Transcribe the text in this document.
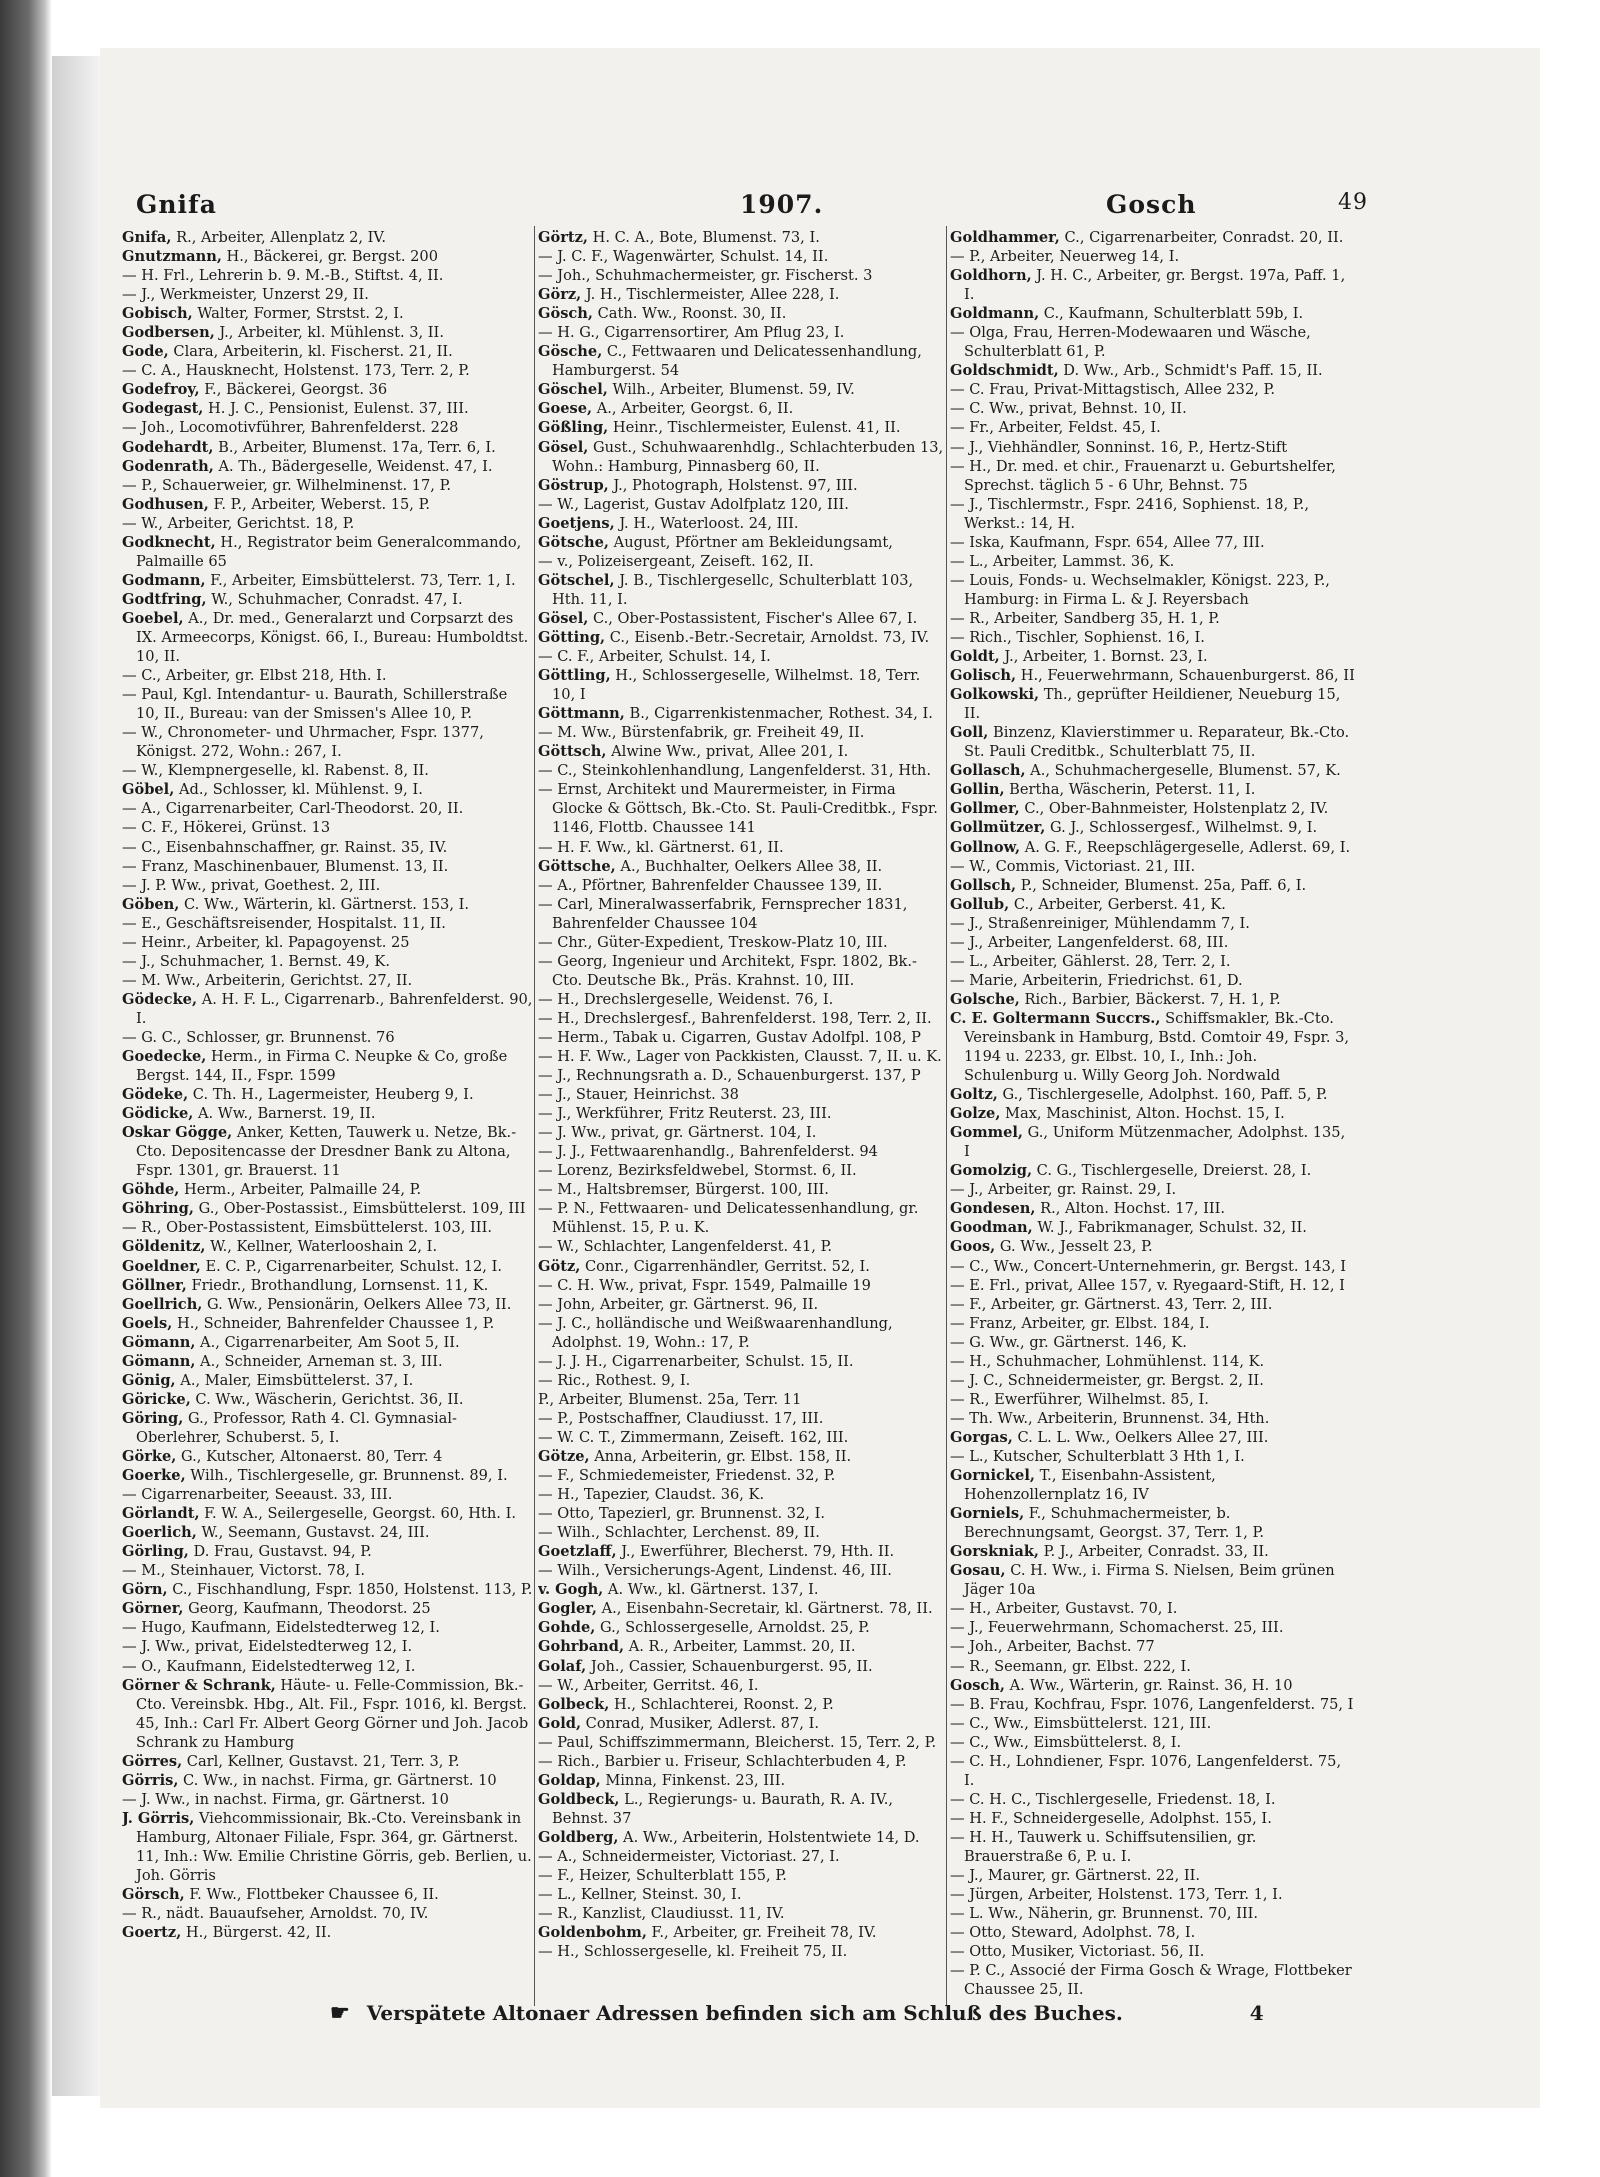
Gnifa	1907.	Gosch	49
Gnifa, R., Arbeiter, Allenplatz 2, IV.
Gnutzmann, H., Bäckerei, gr. Bergst. 200
— H. Frl., Lehrerin b. 9. M.-B., Stiftst. 4, II.
— J., Werkmeister, Unzerst 29, II.
Gobisch, Walter, Former, Strstst. 2, I.
Godbersen, J., Arbeiter, kl. Mühlenst. 3, II.
Gode, Clara, Arbeiterin, kl. Fischerst. 21, II.
— C. A., Hausknecht, Holstenst. 173, Terr. 2, P.
Godefroy, F., Bäckerei, Georgst. 36
Godegast, H. J. C., Pensionist, Eulenst. 37, III.
— Joh., Locomotivführer, Bahrenfelderst. 228
Godehardt, B., Arbeiter, Blumenst. 17a, Terr. 6, I.
Godenrath, A. Th., Bädergeselle, Weidenst. 47, I.
— P., Schauerweier, gr. Wilhelminenst. 17, P.
Godhusen, F. P., Arbeiter, Weberst. 15, P.
— W., Arbeiter, Gerichtst. 18, P.
Godknecht, H., Registrator beim Generalcommando, Palmaille 65
Godmann, F., Arbeiter, Eimsbüttelerst. 73, Terr. 1, I.
Godtfring, W., Schuhmacher, Conradst. 47, I.
Goebel, A., Dr. med., Generalarzt und Corpsarzt des IX. Armeecorps, Königst. 66, I., Bureau: Humboldtst. 10, II.
— C., Arbeiter, gr. Elbst 218, Hth. I.
— Paul, Kgl. Intendantur- u. Baurath, Schillerstraße 10, II., Bureau: van der Smissen's Allee 10, P.
— W., Chronometer- und Uhrmacher, Fspr. 1377, Königst. 272, Wohn.: 267, I.
— W., Klempnergeselle, kl. Rabenst. 8, II.
Göbel, Ad., Schlosser, kl. Mühlenst. 9, I.
— A., Cigarrenarbeiter, Carl-Theodorst. 20, II.
— C. F., Hökerei, Grünst. 13
— C., Eisenbahnschaffner, gr. Rainst. 35, IV.
— Franz, Maschinenbauer, Blumenst. 13, II.
— J. P. Ww., privat, Goethest. 2, III.
Göben, C. Ww., Wärterin, kl. Gärtnerst. 153, I.
— E., Geschäftsreisender, Hospitalst. 11, II.
— Heinr., Arbeiter, kl. Papagoyenst. 25
— J., Schuhmacher, 1. Bernst. 49, K.
— M. Ww., Arbeiterin, Gerichtst. 27, II.
Gödecke, A. H. F. L., Cigarrenarb., Bahrenfelderst. 90, I.
— G. C., Schlosser, gr. Brunnenst. 76
Goedecke, Herm., in Firma C. Neupke & Co, große Bergst. 144, II., Fspr. 1599
Gödeke, C. Th. H., Lagermeister, Heuberg 9, I.
Gödicke, A. Ww., Barnerst. 19, II.
Oskar Gögge, Anker, Ketten, Tauwerk u. Netze, Bk.-Cto. Depositencasse der Dresdner Bank zu Altona, Fspr. 1301, gr. Brauerst. 11
Göhde, Herm., Arbeiter, Palmaille 24, P.
Göhring, G., Ober-Postassist., Eimsbüttelerst. 109, III
— R., Ober-Postassistent, Eimsbüttelerst. 103, III.
Göldenitz, W., Kellner, Waterlooshain 2, I.
Goeldner, E. C. P., Cigarrenarbeiter, Schulst. 12, I.
Göllner, Friedr., Brothandlung, Lornsenst. 11, K.
Goellrich, G. Ww., Pensionärin, Oelkers Allee 73, II.
Goels, H., Schneider, Bahrenfelder Chaussee 1, P.
Gömann, A., Cigarrenarbeiter, Am Soot 5, II.
Gömann, A., Schneider, Arneman st. 3, III.
Gönig, A., Maler, Eimsbüttelerst. 37, I.
Göricke, C. Ww., Wäscherin, Gerichtst. 36, II.
Göring, G., Professor, Rath 4. Cl. Gymnasial-Oberlehrer, Schuberst. 5, I.
Görke, G., Kutscher, Altonaerst. 80, Terr. 4
Goerke, Wilh., Tischlergeselle, gr. Brunnenst. 89, I.
— Cigarrenarbeiter, Seeaust. 33, III.
Görlandt, F. W. A., Seilergeselle, Georgst. 60, Hth. I.
Goerlich, W., Seemann, Gustavst. 24, III.
Görling, D. Frau, Gustavst. 94, P.
— M., Steinhauer, Victorst. 78, I.
Görn, C., Fischhandlung, Fspr. 1850, Holstenst. 113, P.
Görner, Georg, Kaufmann, Theodorst. 25
— Hugo, Kaufmann, Eidelstedterweg 12, I.
— J. Ww., privat, Eidelstedterweg 12, I.
— O., Kaufmann, Eidelstedterweg 12, I.
Görner & Schrank, Häute- u. Felle-Commission, Bk.-Cto. Vereinsbk. Hbg., Alt. Fil., Fspr. 1016, kl. Bergst. 45, Inh.: Carl Fr. Albert Georg Görner und Joh. Jacob Schrank zu Hamburg
Görres, Carl, Kellner, Gustavst. 21, Terr. 3, P.
Görris, C. Ww., in nachst. Firma, gr. Gärtnerst. 10
— J. Ww., in nachst. Firma, gr. Gärtnerst. 10
J. Görris, Viehcommissionair, Bk.-Cto. Vereinsbank in Hamburg, Altonaer Filiale, Fspr. 364, gr. Gärtnerst. 11, Inh.: Ww. Emilie Christine Görris, geb. Berlien, u. Joh. Görris
Görsch, F. Ww., Flottbeker Chaussee 6, II.
— R., nädt. Bauaufseher, Arnoldst. 70, IV.
Goertz, H., Bürgerst. 42, II.
Görtz, H. C. A., Bote, Blumenst. 73, I.
— J. C. F., Wagenwärter, Schulst. 14, II.
— Joh., Schuhmachermeister, gr. Fischerst. 3
Görz, J. H., Tischlermeister, Allee 228, I.
Gösch, Cath. Ww., Roonst. 30, II.
— H. G., Cigarrensortirer, Am Pflug 23, I.
Gösche, C., Fettwaaren und Delicatessenhandlung, Hamburgerst. 54
Göschel, Wilh., Arbeiter, Blumenst. 59, IV.
Goese, A., Arbeiter, Georgst. 6, II.
Gößling, Heinr., Tischlermeister, Eulenst. 41, II.
Gösel, Gust., Schuhwaarenhdlg., Schlachterbuden 13, Wohn.: Hamburg, Pinnasberg 60, II.
Göstrup, J., Photograph, Holstenst. 97, III.
— W., Lagerist, Gustav Adolfplatz 120, III.
Goetjens, J. H., Waterloost. 24, III.
Götsche, August, Pförtner am Bekleidungsamt,
— v., Polizeisergeant, Zeiseft. 162, II.
Götschel, J. B., Tischlergesellс, Schulterblatt 103, Hth. 11, I.
Gösel, C., Ober-Postassistent, Fischer's Allee 67, I.
Götting, C., Eisenb.-Betr.-Secretair, Arnoldst. 73, IV.
— C. F., Arbeiter, Schulst. 14, I.
Göttling, H., Schlossergeselle, Wilhelmst. 18, Terr. 10, I
Göttmann, B., Cigarrenkistenmacher, Rothest. 34, I.
— M. Ww., Bürstenfabrik, gr. Freiheit 49, II.
Göttsch, Alwine Ww., privat, Allee 201, I.
— C., Steinkohlenhandlung, Langenfelderst. 31, Hth.
— Ernst, Architekt und Maurermeister, in Firma Glocke & Göttsch, Bk.-Cto. St. Pauli-Creditbk., Fspr. 1146, Flottb. Chaussee 141
— H. F. Ww., kl. Gärtnerst. 61, II.
Göttsche, A., Buchhalter, Oelkers Allee 38, II.
— A., Pförtner, Bahrenfelder Chaussee 139, II.
— Carl, Mineralwasserfabrik, Fernsprecher 1831, Bahrenfelder Chaussee 104
— Chr., Güter-Expedient, Treskow-Platz 10, III.
— Georg, Ingenieur und Architekt, Fspr. 1802, Bk.-Cto. Deutsche Bk., Präs. Krahnst. 10, III.
— H., Drechslergeselle, Weidenst. 76, I.
— H., Drechslergesf., Bahrenfelderst. 198, Terr. 2, II.
— Herm., Tabak u. Cigarren, Gustav Adolfpl. 108, P
— H. F. Ww., Lager von Packkisten, Clausst. 7, II. u. K.
— J., Rechnungsrath a. D., Schauenburgerst. 137, P
— J., Stauer, Heinrichst. 38
— J., Werkführer, Fritz Reuterst. 23, III.
— J. Ww., privat, gr. Gärtnerst. 104, I.
— J. J., Fettwaarenhandlg., Bahrenfelderst. 94
— Lorenz, Bezirksfeldwebel, Stormst. 6, II.
— M., Haltsbremser, Bürgerst. 100, III.
— P. N., Fettwaaren- und Delicatessenhandlung, gr. Mühlenst. 15, P. u. K.
— W., Schlachter, Langenfelderst. 41, P.
Götz, Conr., Cigarrenhändler, Gerritst. 52, I.
— C. H. Ww., privat, Fspr. 1549, Palmaille 19
— John, Arbeiter, gr. Gärtnerst. 96, II.
— J. C., holländische und Weißwaarenhandlung, Adolphst. 19, Wohn.: 17, P.
— J. J. H., Cigarrenarbeiter, Schulst. 15, II.
— Ric., Rothest. 9, I.
P., Arbeiter, Blumenst. 25a, Terr. 11
— P., Postschaffner, Claudiusst. 17, III.
— W. C. T., Zimmermann, Zeiseft. 162, III.
Götze, Anna, Arbeiterin, gr. Elbst. 158, II.
— F., Schmiedemeister, Friedenst. 32, P.
— H., Tapezier, Claudst. 36, K.
— Otto, Tapezierl, gr. Brunnenst. 32, I.
— Wilh., Schlachter, Lerchenst. 89, II.
Goetzlaff, J., Ewerführer, Blecherst. 79, Hth. II.
— Wilh., Versicherungs-Agent, Lindenst. 46, III.
v. Gogh, A. Ww., kl. Gärtnerst. 137, I.
Gogler, A., Eisenbahn-Secretair, kl. Gärtnerst. 78, II.
Gohde, G., Schlossergeselle, Arnoldst. 25, P.
Gohrband, A. R., Arbeiter, Lammst. 20, II.
Golaf, Joh., Cassier, Schauenburgerst. 95, II.
— W., Arbeiter, Gerritst. 46, I.
Golbeck, H., Schlachterei, Roonst. 2, P.
Gold, Conrad, Musiker, Adlerst. 87, I.
— Paul, Schiffszimmermann, Bleicherst. 15, Terr. 2, P.
— Rich., Barbier u. Friseur, Schlachterbuden 4, P.
Goldap, Minna, Finkenst. 23, III.
Goldbeck, L., Regierungs- u. Baurath, R. A. IV., Behnst. 37
Goldberg, A. Ww., Arbeiterin, Holstentwiete 14, D.
— A., Schneidermeister, Victoriast. 27, I.
— F., Heizer, Schulterblatt 155, P.
— L., Kellner, Steinst. 30, I.
— R., Kanzlist, Claudiusst. 11, IV.
Goldenbohm, F., Arbeiter, gr. Freiheit 78, IV.
— H., Schlossergeselle, kl. Freiheit 75, II.
Goldhammer, C., Cigarrenarbeiter, Conradst. 20, II.
— P., Arbeiter, Neuerweg 14, I.
Goldhorn, J. H. C., Arbeiter, gr. Bergst. 197a, Paff. 1, I.
Goldmann, C., Kaufmann, Schulterblatt 59b, I.
— Olga, Frau, Herren-Modewaaren und Wäsche, Schulterblatt 61, P.
Goldschmidt, D. Ww., Arb., Schmidt's Paff. 15, II.
— C. Frau, Privat-Mittagstisch, Allee 232, P.
— C. Ww., privat, Behnst. 10, II.
— Fr., Arbeiter, Feldst. 45, I.
— J., Viehhändler, Sonninst. 16, P., Hertz-Stift
— H., Dr. med. et chir., Frauenarzt u. Geburtshelfer, Sprechst. täglich 5 - 6 Uhr, Behnst. 75
— J., Tischlermstr., Fspr. 2416, Sophienst. 18, P., Werkst.: 14, H.
— Iska, Kaufmann, Fspr. 654, Allee 77, III.
— L., Arbeiter, Lammst. 36, K.
— Louis, Fonds- u. Wechselmakler, Königst. 223, P., Hamburg: in Firma L. & J. Reyersbach
— R., Arbeiter, Sandberg 35, H. 1, P.
— Rich., Tischler, Sophienst. 16, I.
Goldt, J., Arbeiter, 1. Bornst. 23, I.
Golisch, H., Feuerwehrmann, Schauenburgerst. 86, II
Golkowski, Th., geprüfter Heildiener, Neueburg 15, II.
Goll, Binzenz, Klavierstimmer u. Reparateur, Bk.-Cto. St. Pauli Creditbk., Schulterblatt 75, II.
Gollasch, A., Schuhmachergeselle, Blumenst. 57, K.
Gollin, Bertha, Wäscherin, Peterst. 11, I.
Gollmer, C., Ober-Bahnmeister, Holstenplatz 2, IV.
Gollmützer, G. J., Schlossergesf., Wilhelmst. 9, I.
Gollnow, A. G. F., Reepschlägergeselle, Adlerst. 69, I.
— W., Commis, Victoriast. 21, III.
Gollsch, P., Schneider, Blumenst. 25a, Paff. 6, I.
Gollub, C., Arbeiter, Gerberst. 41, K.
— J., Straßenreiniger, Mühlendamm 7, I.
— J., Arbeiter, Langenfelderst. 68, III.
— L., Arbeiter, Gählerst. 28, Terr. 2, I.
— Marie, Arbeiterin, Friedrichst. 61, D.
Golsche, Rich., Barbier, Bäckerst. 7, H. 1, P.
C. E. Goltermann Succrs., Schiffsmakler, Bk.-Cto. Vereinsbank in Hamburg, Bstd. Comtoir 49, Fspr. 3, 1194 u. 2233, gr. Elbst. 10, I., Inh.: Joh. Schulenburg u. Willy Georg Joh. Nordwald
Goltz, G., Tischlergeselle, Adolphst. 160, Paff. 5, P.
Golze, Max, Maschinist, Alton. Hochst. 15, I.
Gommel, G., Uniform Mützenmacher, Adolphst. 135, I
Gomolzig, C. G., Tischlergeselle, Dreierst. 28, I.
— J., Arbeiter, gr. Rainst. 29, I.
Gondesen, R., Alton. Hochst. 17, III.
Goodman, W. J., Fabrikmanager, Schulst. 32, II.
Goos, G. Ww., Jesselt 23, P.
— C., Ww., Concert-Unternehmerin, gr. Bergst. 143, I
— E. Frl., privat, Allee 157, v. Ryegaard-Stift, H. 12, I
— F., Arbeiter, gr. Gärtnerst. 43, Terr. 2, III.
— Franz, Arbeiter, gr. Elbst. 184, I.
— G. Ww., gr. Gärtnerst. 146, K.
— H., Schuhmacher, Lohmühlenst. 114, K.
— J. C., Schneidermeister, gr. Bergst. 2, II.
— R., Ewerführer, Wilhelmst. 85, I.
— Th. Ww., Arbeiterin, Brunnenst. 34, Hth.
Gorgas, C. L. L. Ww., Oelkers Allee 27, III.
— L., Kutscher, Schulterblatt 3 Hth 1, I.
Gornickel, T., Eisenbahn-Assistent, Hohenzollernplatz 16, IV
Gorniels, F., Schuhmachermeister, b. Berechnungsamt, Georgst. 37, Terr. 1, P.
Gorskniak, P. J., Arbeiter, Conradst. 33, II.
Gosau, C. H. Ww., i. Firma S. Nielsen, Beim grünen Jäger 10a
— H., Arbeiter, Gustavst. 70, I.
— J., Feuerwehrmann, Schomacherst. 25, III.
— Joh., Arbeiter, Bachst. 77
— R., Seemann, gr. Elbst. 222, I.
Gosch, A. Ww., Wärterin, gr. Rainst. 36, H. 10
— B. Frau, Kochfrau, Fspr. 1076, Langenfelderst. 75, I
— C., Ww., Eimsbüttelerst. 121, III.
— C., Ww., Eimsbüttelerst. 8, I.
— C. H., Lohndiener, Fspr. 1076, Langenfelderst. 75, I.
— C. H. C., Tischlergeselle, Friedenst. 18, I.
— H. F., Schneidergeselle, Adolphst. 155, I.
— H. H., Tauwerk u. Schiffsutensilien, gr. Brauerstraße 6, P. u. I.
— J., Maurer, gr. Gärtnerst. 22, II.
— Jürgen, Arbeiter, Holstenst. 173, Terr. 1, I.
— L. Ww., Näherin, gr. Brunnenst. 70, III.
— Otto, Steward, Adolphst. 78, I.
— Otto, Musiker, Victoriast. 56, II.
— P. C., Associé der Firma Gosch & Wrage, Flottbeker Chaussee 25, II.
☛ Verspätete Altonaer Adressen befinden sich am Schluß des Buches.	4
